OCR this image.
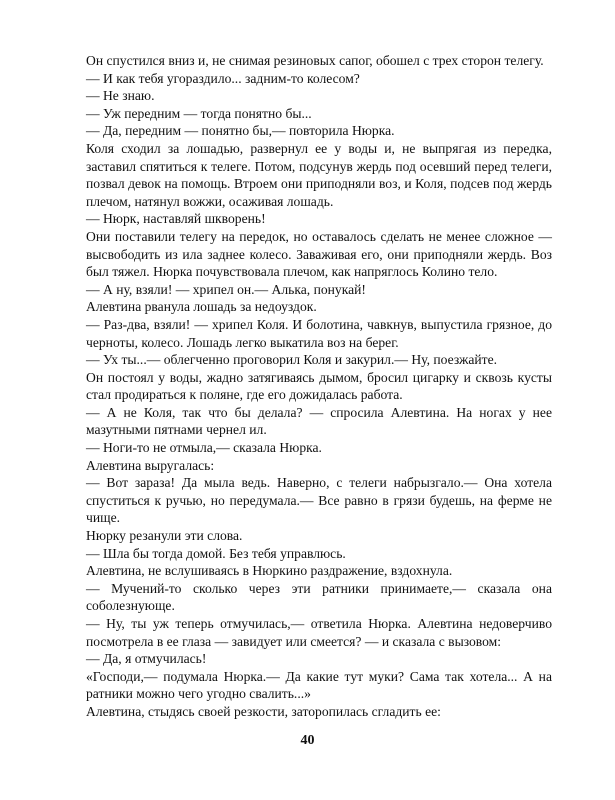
Он спустился вниз и, не снимая резиновых сапог, обошел с трех сторон телегу.

— И как тебя угораздило... задним-то колесом?

— Не знаю.

— Уж передним — тогда понятно бы...

— Да, передним — понятно бы,— повторила Нюрка.

Коля сходил за лошадью, развернул ее у воды и, не выпрягая из передка, заставил спятиться к телеге. Потом, подсунув жердь под осевший перед телеги, позвал девок на помощь. Втроем они приподняли воз, и Коля, подсев под жердь плечом, натянул вожжи, осаживая лошадь.

— Нюрк, наставляй шкворень!

Они поставили телегу на передок, но оставалось сделать не менее сложное — высвободить из ила заднее колесо. Заваживая его, они приподняли жердь. Воз был тяжел. Нюрка почувствовала плечом, как напряглось Колино тело.

— А ну, взяли! — хрипел он.— Алька, понукай!

Алевтина рванула лошадь за недоуздок.

— Раз-два, взяли! — хрипел Коля. И болотина, чавкнув, выпустила грязное, до черноты, колесо. Лошадь легко выкатила воз на берег.

— Ух ты...— облегченно проговорил Коля и закурил.— Ну, поезжайте.

Он постоял у воды, жадно затягиваясь дымом, бросил цигарку и сквозь кусты стал продираться к поляне, где его дожидалась работа.

— А не Коля, так что бы делала? — спросила Алевтина. На ногах у нее мазутными пятнами чернел ил.

— Ноги-то не отмыла,— сказала Нюрка.

Алевтина выругалась:

— Вот зараза! Да мыла ведь. Наверно, с телеги набрызгало.— Она хотела спуститься к ручью, но передумала.— Все равно в грязи будешь, на ферме не чище.

Нюрку резанули эти слова.

— Шла бы тогда домой. Без тебя управлюсь.

Алевтина, не вслушиваясь в Нюркино раздражение, вздохнула.

— Мучений-то сколько через эти ратники принимаете,— сказала она соболезнующе.

— Ну, ты уж теперь отмучилась,— ответила Нюрка. Алевтина недоверчиво посмотрела в ее глаза — завидует или смеется? — и сказала с вызовом:

— Да, я отмучилась!

«Господи,— подумала Нюрка.— Да какие тут муки? Сама так хотела... А на ратники можно чего угодно свалить...»

Алевтина, стыдясь своей резкости, заторопилась сгладить ее:

40
